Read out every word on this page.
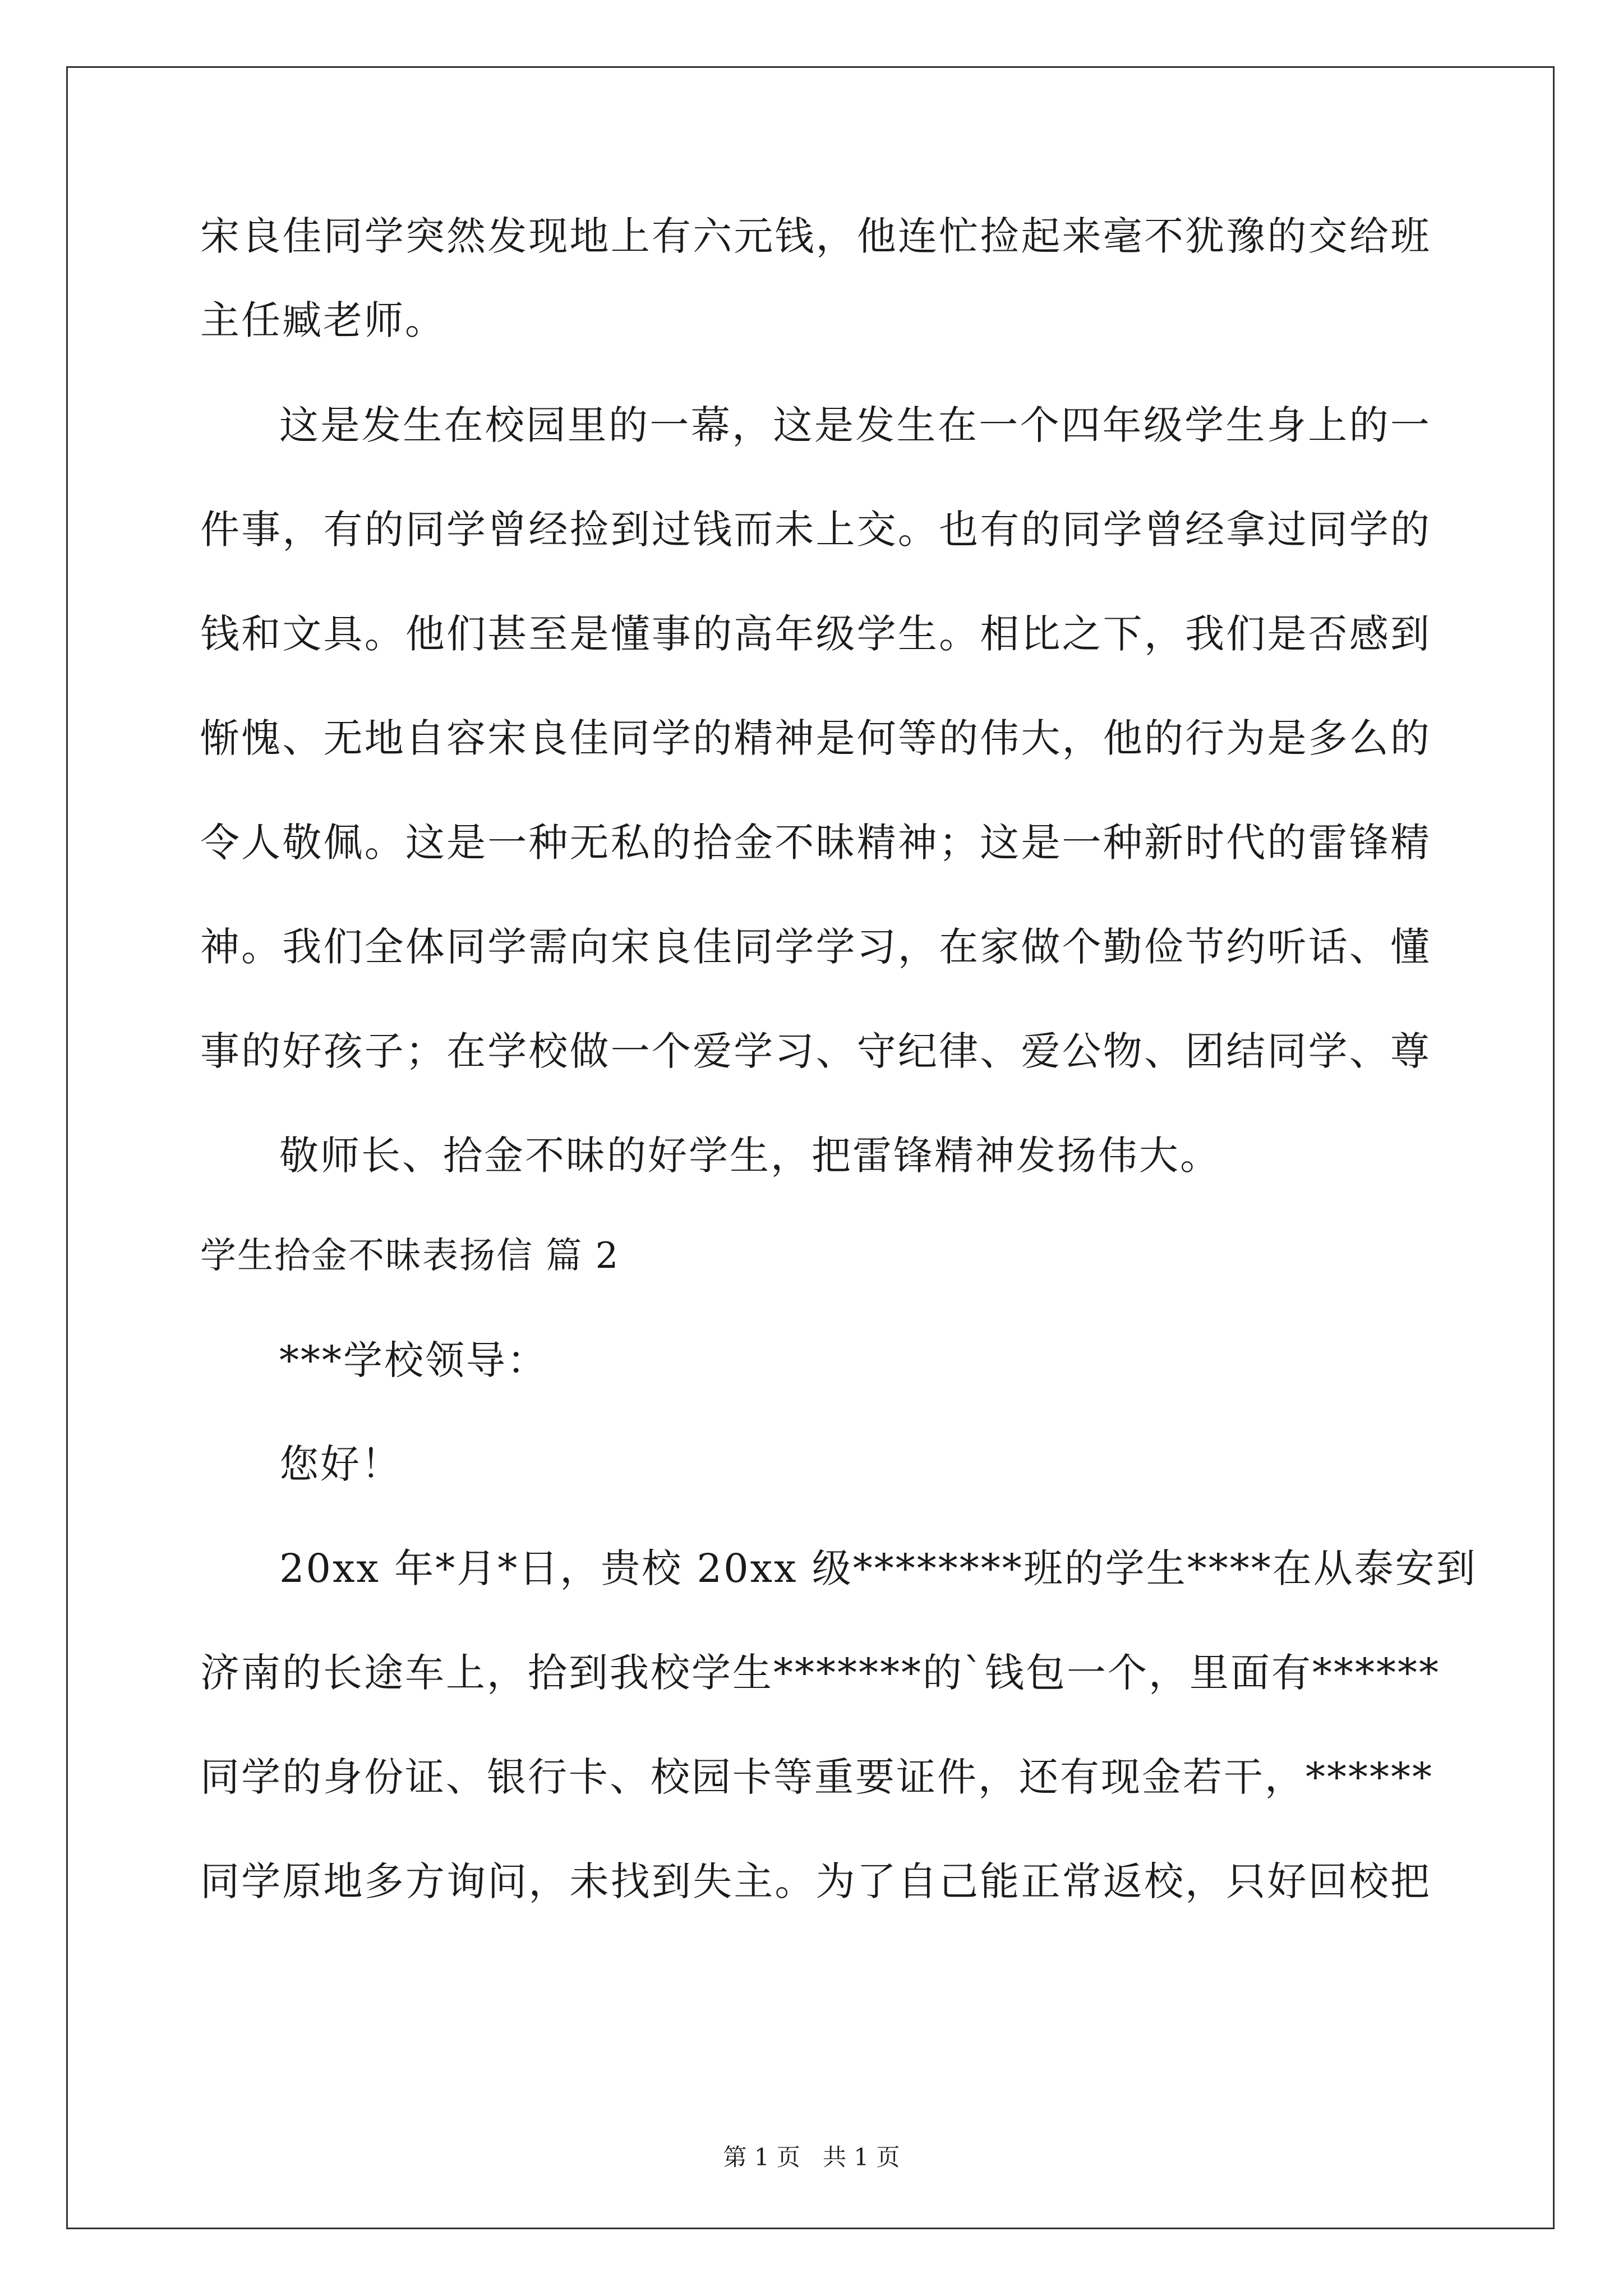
宋良佳同学突然发现地上有六元钱，他连忙捡起来毫不犹豫的交给班
主任臧老师。
这是发生在校园里的一幕，这是发生在一个四年级学生身上的一
件事，有的同学曾经捡到过钱而未上交。也有的同学曾经拿过同学的
钱和文具。他们甚至是懂事的高年级学生。相比之下，我们是否感到
惭愧、无地自容宋良佳同学的精神是何等的伟大，他的行为是多么的
令人敬佩。这是一种无私的拾金不昧精神；这是一种新时代的雷锋精
神。我们全体同学需向宋良佳同学学习，在家做个勤俭节约听话、懂
事的好孩子；在学校做一个爱学习、守纪律、爱公物、团结同学、尊
敬师长、拾金不昧的好学生，把雷锋精神发扬伟大。
学生拾金不昧表扬信 篇 2
***学校领导：
您好！
20xx 年*月*日，贵校 20xx 级********班的学生****在从泰安到
济南的长途车上，拾到我校学生*******的`钱包一个，里面有******
同学的身份证、银行卡、校园卡等重要证件，还有现金若干，******
同学原地多方询问，未找到失主。为了自己能正常返校，只好回校把
第 1 页   共 1 页
